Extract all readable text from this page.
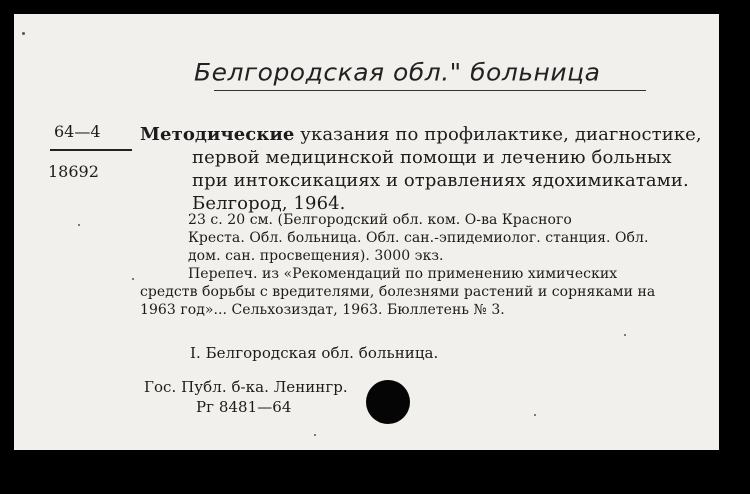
Белгородская обл." больница
64—4
18692
Методические указания по профилактике, диагностике,
первой медицинской помощи и лечению больных
при интоксикациях и отравлениях ядохимикатами.
Белгород, 1964.
23 с. 20 см. (Белгородский обл. ком. О-ва Красного
Креста. Обл. больница. Обл. сан.-эпидемиолог. станция. Обл.
дом. сан. просвещения). 3000 экз.
Перепеч. из «Рекомендаций по применению химических
средств борьбы с вредителями, болезнями растений и сорняками на
1963 год»... Сельхозиздат, 1963. Бюллетень № 3.
I. Белгородская обл. больница.
Гос. Публ. б-ка. Ленингр.
Рг 8481—64
